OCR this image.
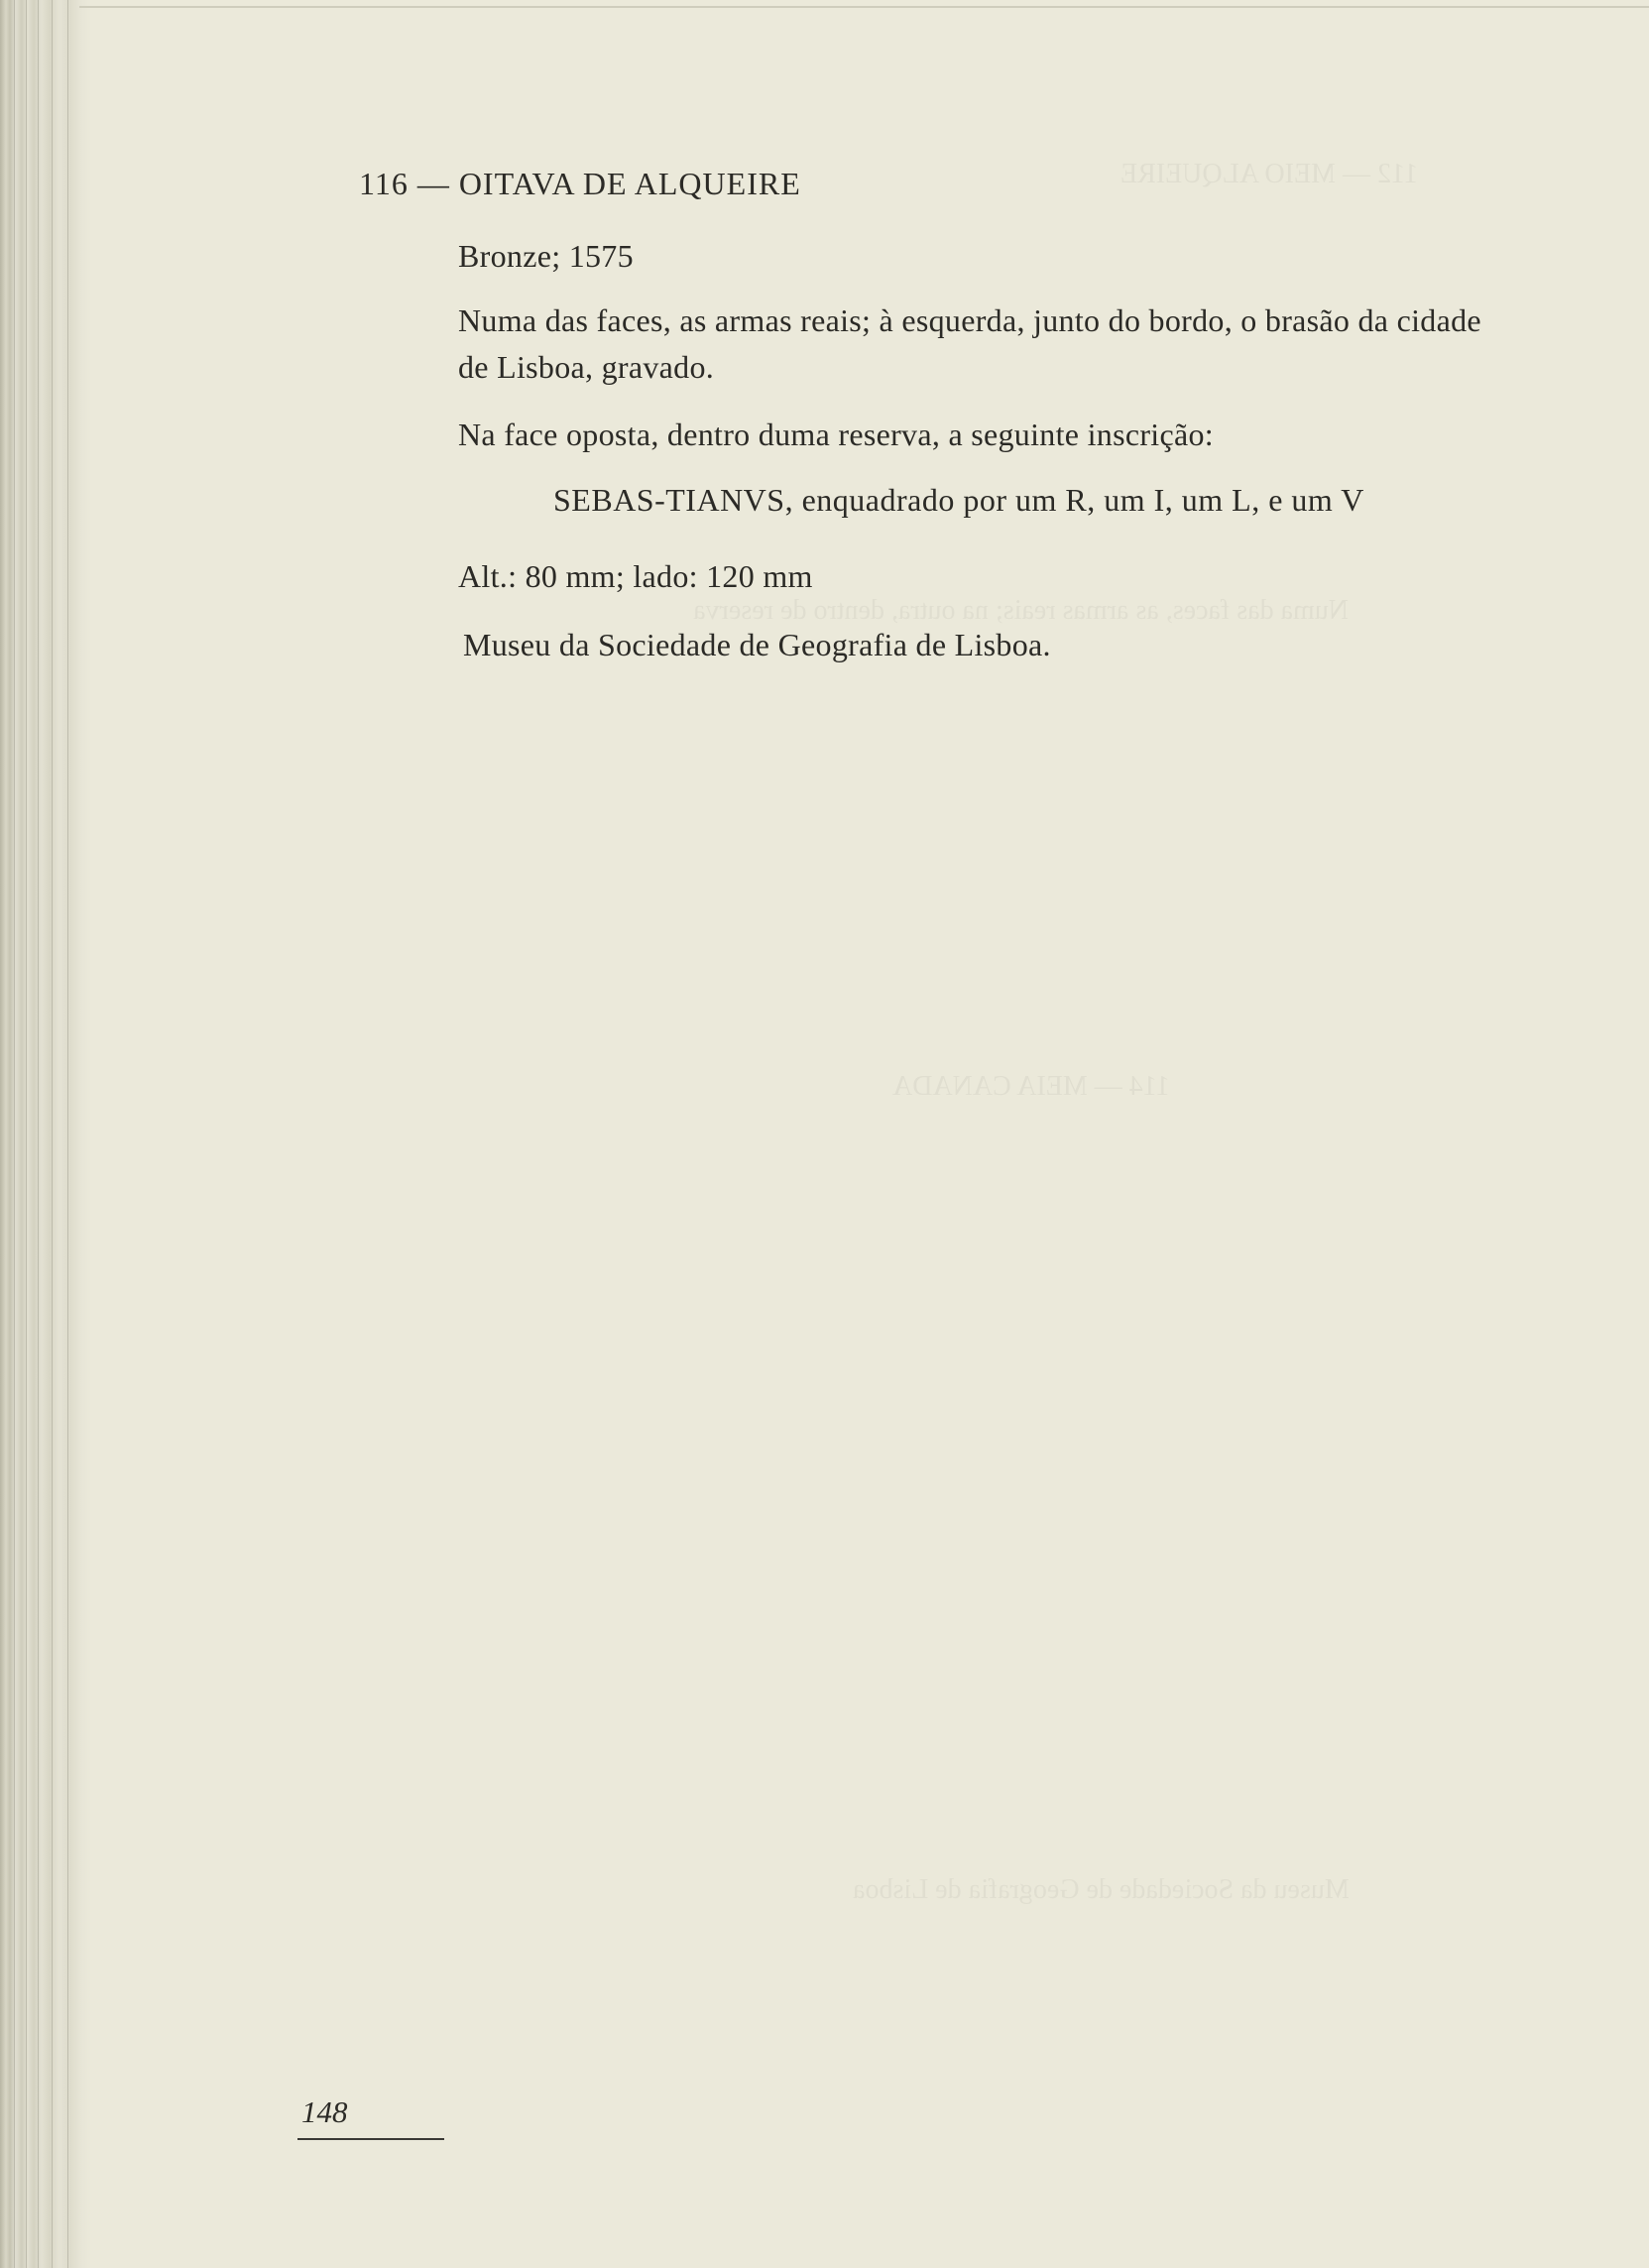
112 — MEIO ALQUEIRE
Numa das faces, as armas reais; na outra, dentro de reserva
114 — MEIA CANADA
Museu da Sociedade de Geografia de Lisboa
116 — OITAVA DE ALQUEIRE
Bronze; 1575
Numa das faces, as armas reais; à esquerda, junto do bordo, o brasão da cidade
de Lisboa, gravado.
Na face oposta, dentro duma reserva, a seguinte inscrição:
SEBAS-TIANVS, enquadrado por um R, um I, um L, e um V
Alt.: 80 mm; lado: 120 mm
Museu da Sociedade de Geografia de Lisboa.
148
